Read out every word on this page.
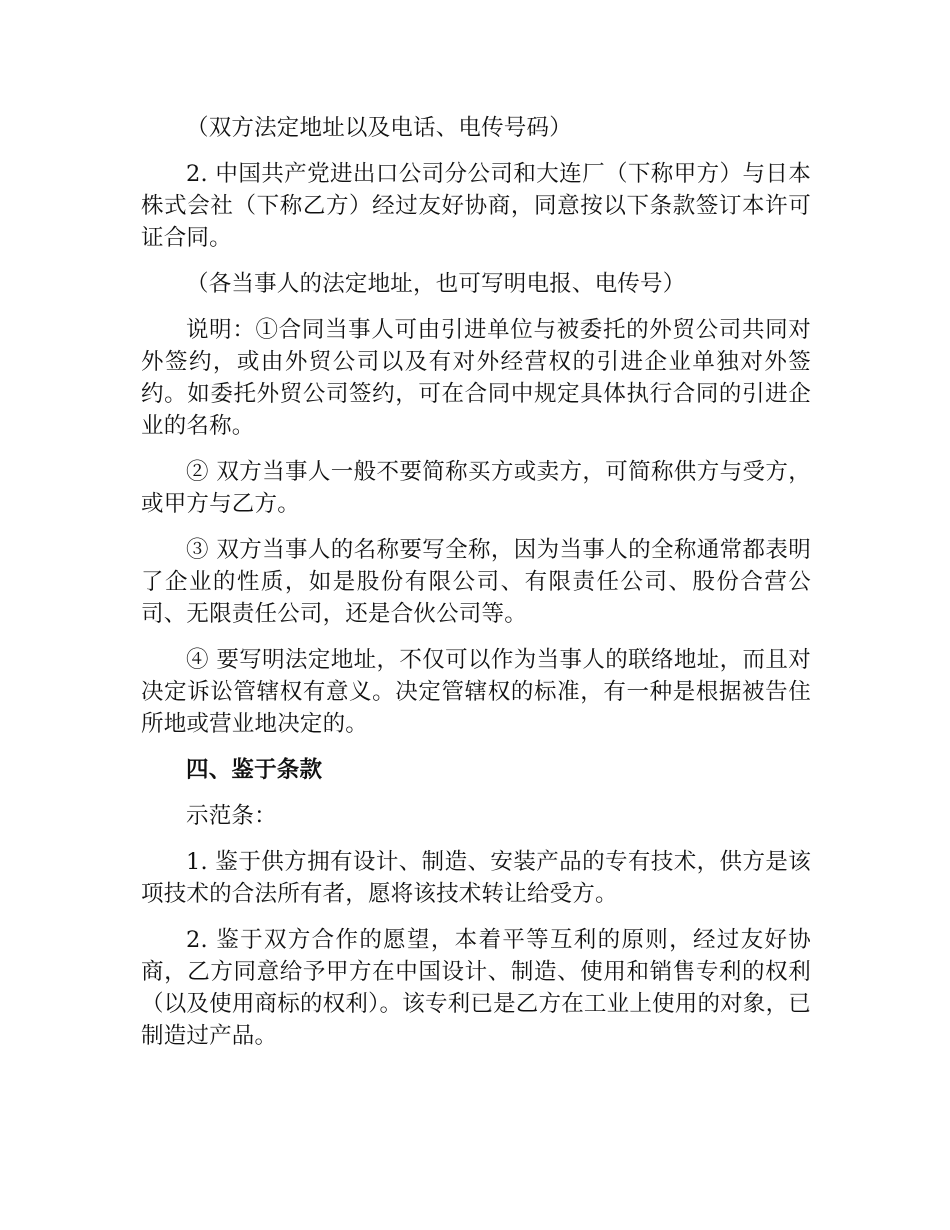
（双方法定地址以及电话、电传号码）

2. 中国共产党进出口公司分公司和大连厂（下称甲方）与日本株式会社（下称乙方）经过友好协商，同意按以下条款签订本许可证合同。

（各当事人的法定地址，也可写明电报、电传号）

说明：①合同当事人可由引进单位与被委托的外贸公司共同对外签约，或由外贸公司以及有对外经营权的引进企业单独对外签约。如委托外贸公司签约，可在合同中规定具体执行合同的引进企业的名称。

② 双方当事人一般不要简称买方或卖方，可简称供方与受方，或甲方与乙方。

③ 双方当事人的名称要写全称，因为当事人的全称通常都表明了企业的性质，如是股份有限公司、有限责任公司、股份合营公司、无限责任公司，还是合伙公司等。

④ 要写明法定地址，不仅可以作为当事人的联络地址，而且对决定诉讼管辖权有意义。决定管辖权的标准，有一种是根据被告住所地或营业地决定的。

四、鉴于条款

示范条：

1. 鉴于供方拥有设计、制造、安装产品的专有技术，供方是该项技术的合法所有者，愿将该技术转让给受方。

2. 鉴于双方合作的愿望，本着平等互利的原则，经过友好协商，乙方同意给予甲方在中国设计、制造、使用和销售专利的权利（以及使用商标的权利）。该专利已是乙方在工业上使用的对象，已制造过产品。
